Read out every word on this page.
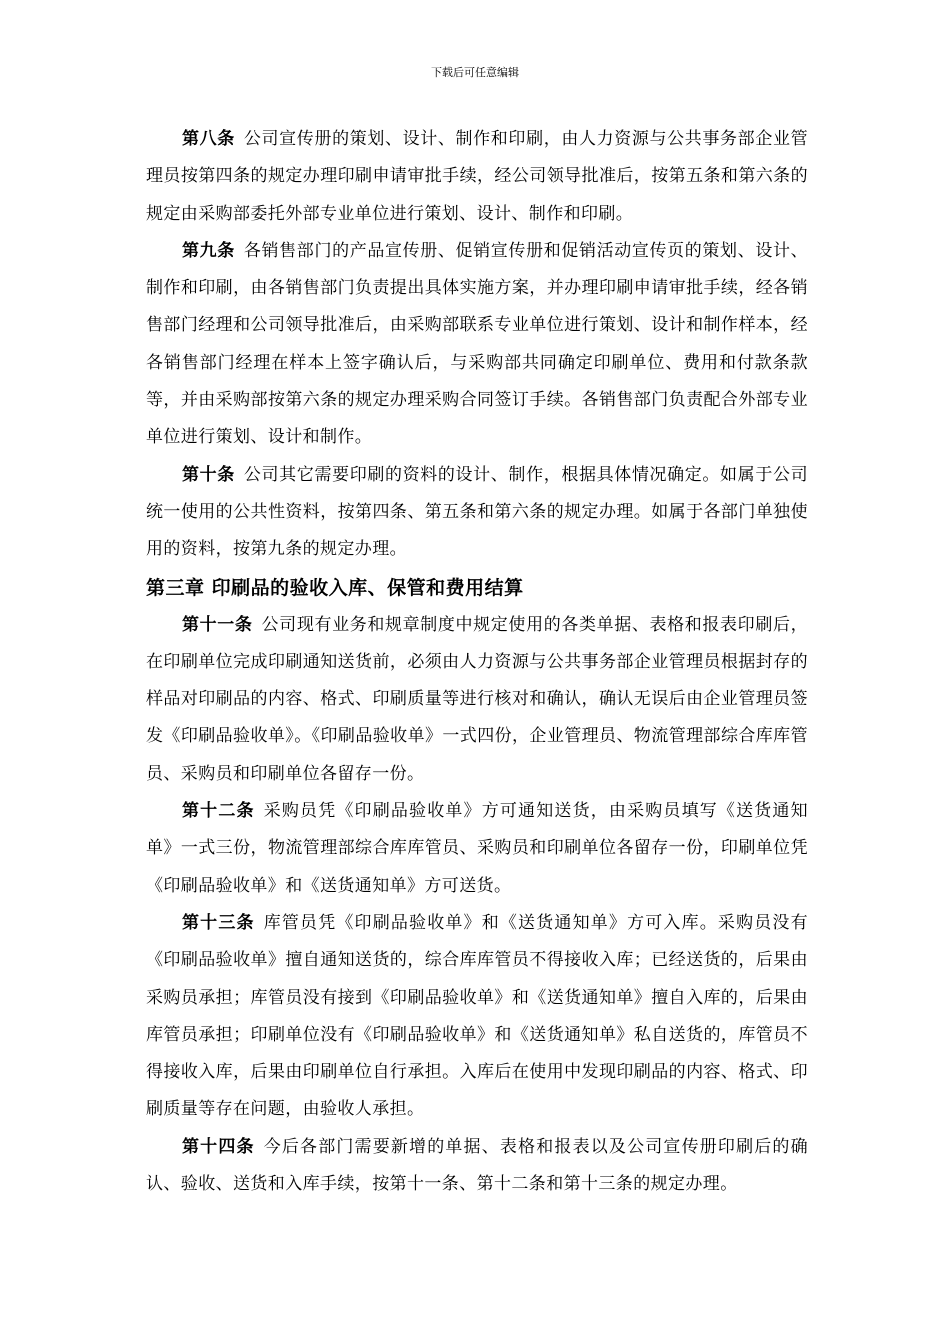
下载后可任意编辑

第八条 公司宣传册的策划、设计、制作和印刷，由人力资源与公共事务部企业管理员按第四条的规定办理印刷申请审批手续，经公司领导批准后，按第五条和第六条的规定由采购部委托外部专业单位进行策划、设计、制作和印刷。

第九条 各销售部门的产品宣传册、促销宣传册和促销活动宣传页的策划、设计、制作和印刷，由各销售部门负责提出具体实施方案，并办理印刷申请审批手续，经各销售部门经理和公司领导批准后，由采购部联系专业单位进行策划、设计和制作样本，经各销售部门经理在样本上签字确认后，与采购部共同确定印刷单位、费用和付款条款等，并由采购部按第六条的规定办理采购合同签订手续。各销售部门负责配合外部专业单位进行策划、设计和制作。

第十条 公司其它需要印刷的资料的设计、制作，根据具体情况确定。如属于公司统一使用的公共性资料，按第四条、第五条和第六条的规定办理。如属于各部门单独使用的资料，按第九条的规定办理。

第三章 印刷品的验收入库、保管和费用结算

第十一条 公司现有业务和规章制度中规定使用的各类单据、表格和报表印刷后，在印刷单位完成印刷通知送货前，必须由人力资源与公共事务部企业管理员根据封存的样品对印刷品的内容、格式、印刷质量等进行核对和确认，确认无误后由企业管理员签发《印刷品验收单》。《印刷品验收单》一式四份，企业管理员、物流管理部综合库库管员、采购员和印刷单位各留存一份。

第十二条 采购员凭《印刷品验收单》方可通知送货，由采购员填写《送货通知单》一式三份，物流管理部综合库库管员、采购员和印刷单位各留存一份，印刷单位凭《印刷品验收单》和《送货通知单》方可送货。

第十三条 库管员凭《印刷品验收单》和《送货通知单》方可入库。采购员没有《印刷品验收单》擅自通知送货的，综合库库管员不得接收入库；已经送货的，后果由采购员承担；库管员没有接到《印刷品验收单》和《送货通知单》擅自入库的，后果由库管员承担；印刷单位没有《印刷品验收单》和《送货通知单》私自送货的，库管员不得接收入库，后果由印刷单位自行承担。入库后在使用中发现印刷品的内容、格式、印刷质量等存在问题，由验收人承担。

第十四条 今后各部门需要新增的单据、表格和报表以及公司宣传册印刷后的确认、验收、送货和入库手续，按第十一条、第十二条和第十三条的规定办理。
